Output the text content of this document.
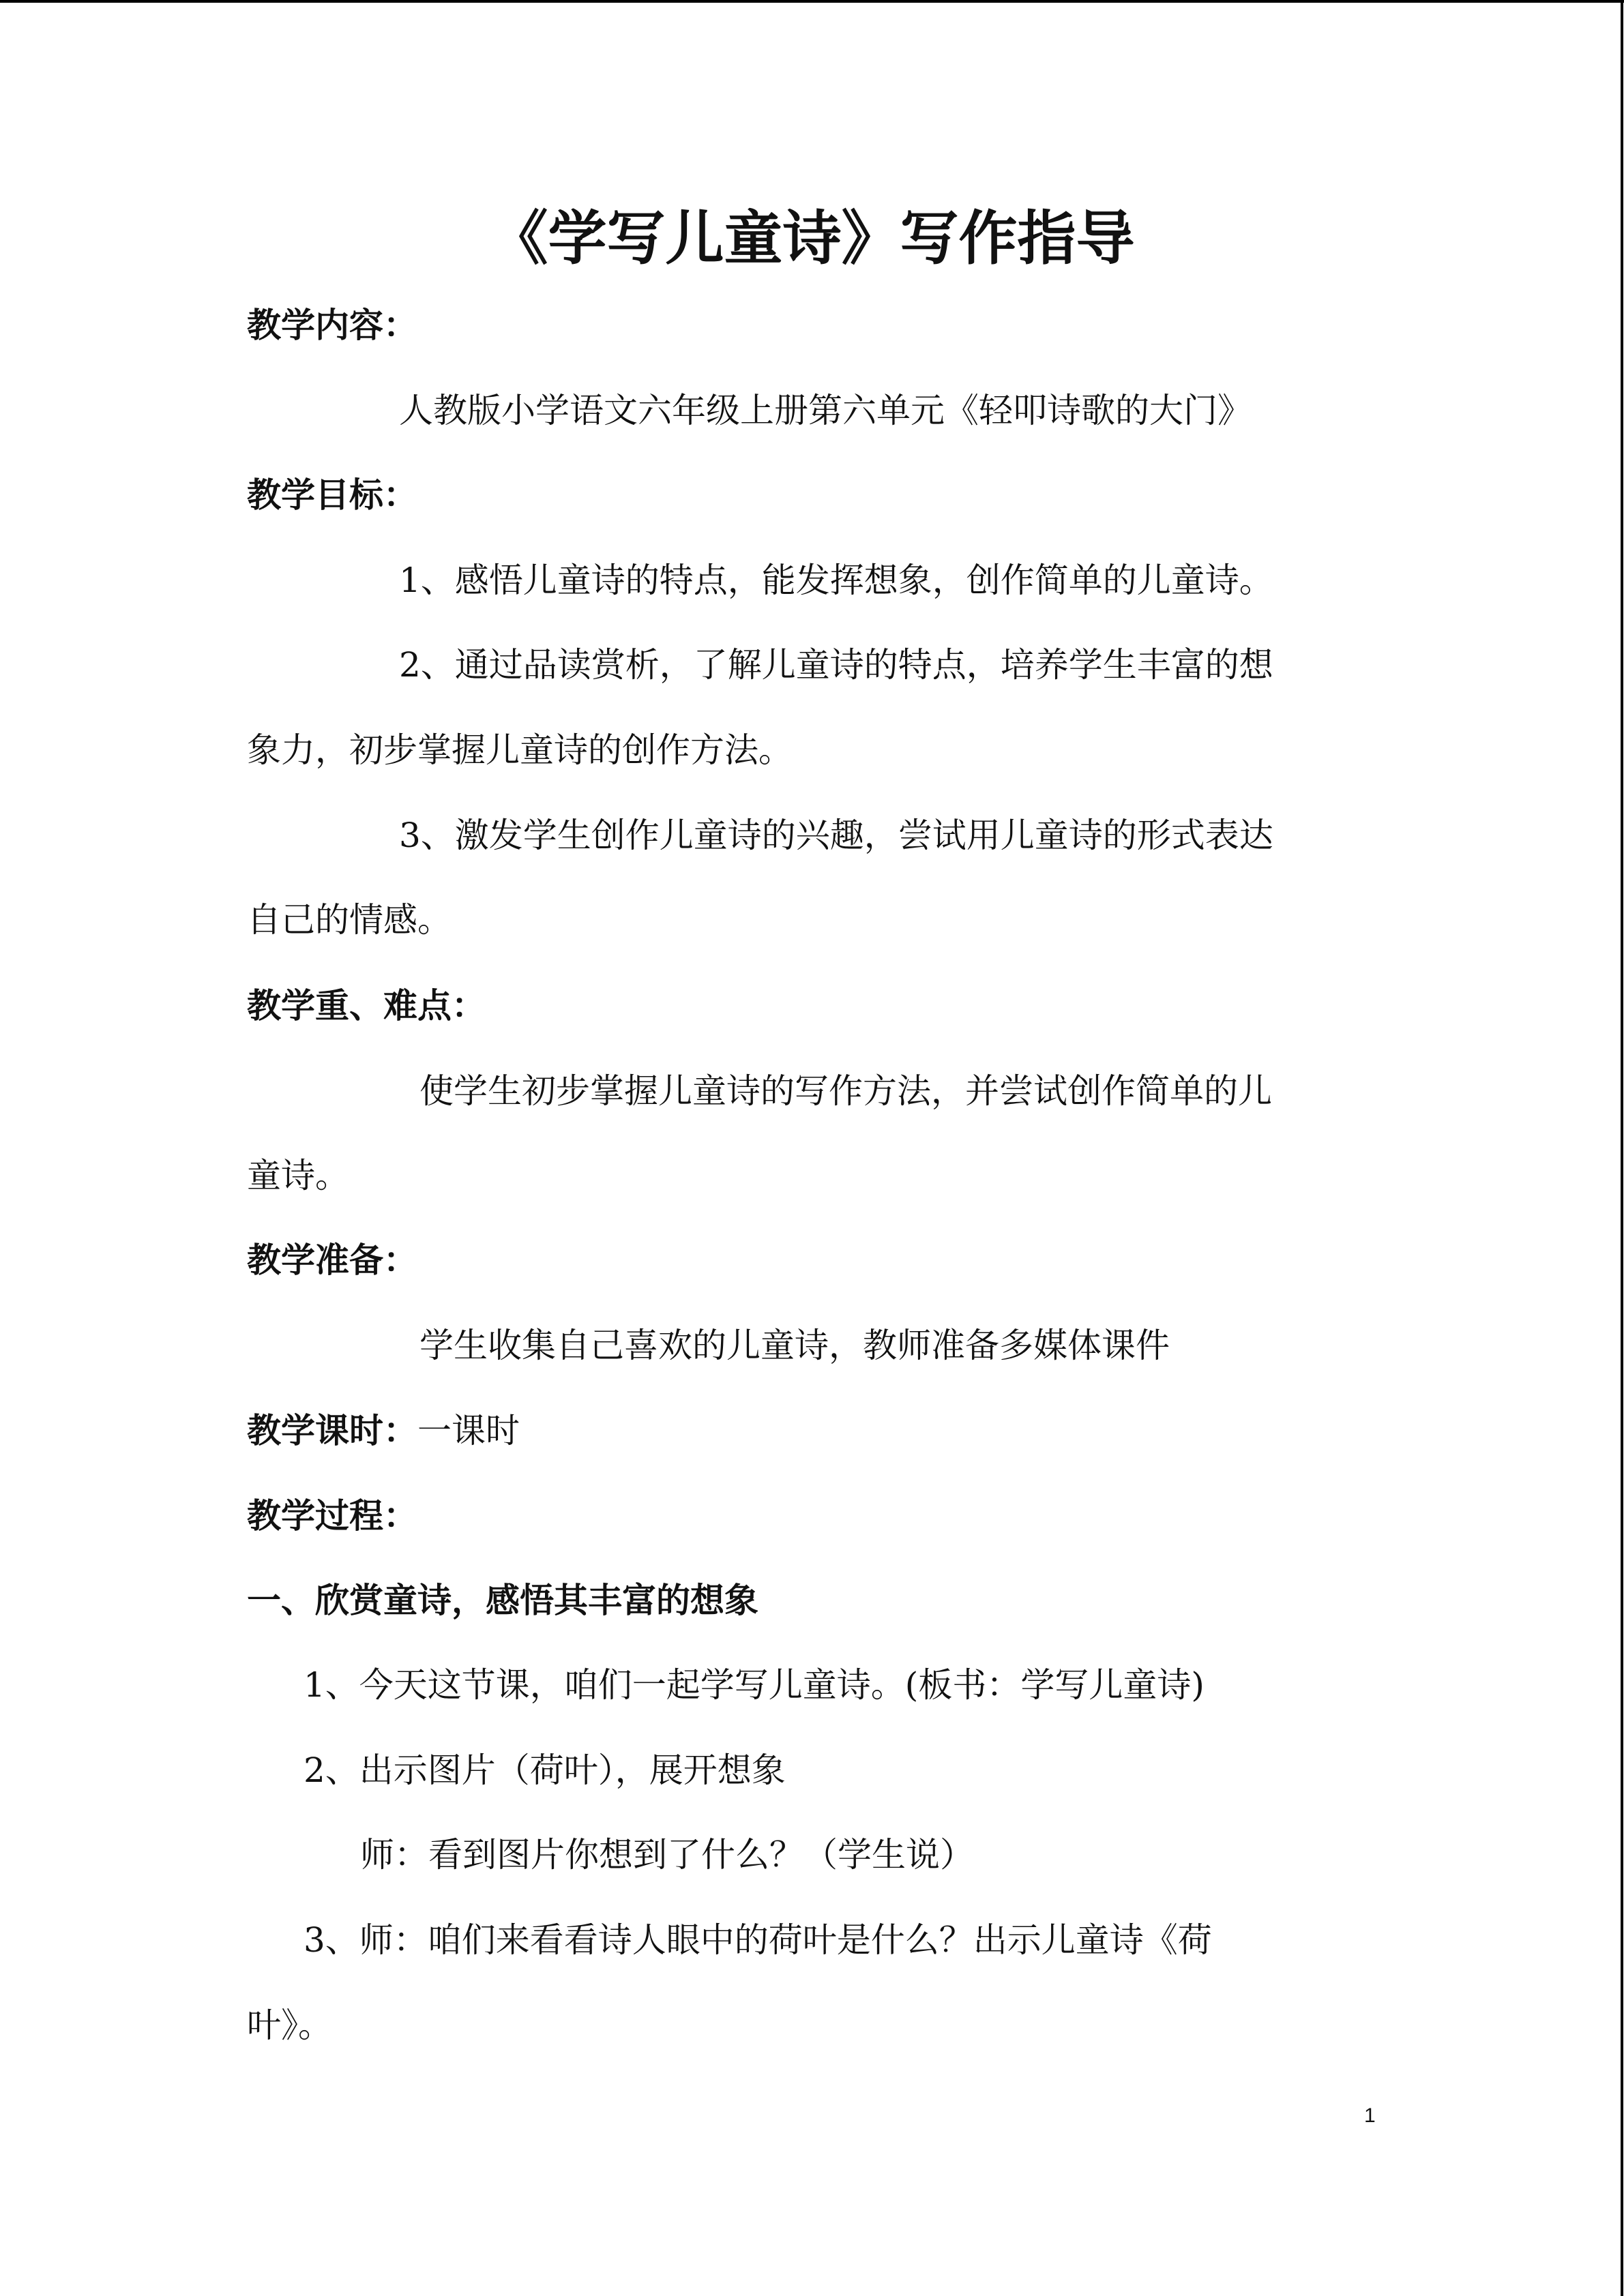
《学写儿童诗》写作指导
教学内容：
人教版小学语文六年级上册第六单元《轻叩诗歌的大门》
教学目标：
1、感悟儿童诗的特点，能发挥想象，创作简单的儿童诗。
2、通过品读赏析，了解儿童诗的特点，培养学生丰富的想
象力，初步掌握儿童诗的创作方法。
3、激发学生创作儿童诗的兴趣，尝试用儿童诗的形式表达
自己的情感。
教学重、难点：
使学生初步掌握儿童诗的写作方法，并尝试创作简单的儿
童诗。
教学准备：
学生收集自己喜欢的儿童诗，教师准备多媒体课件
教学课时：一课时
教学过程：
一、欣赏童诗，感悟其丰富的想象
1、今天这节课，咱们一起学写儿童诗。(板书：学写儿童诗)
2、出示图片（荷叶），展开想象
师：看到图片你想到了什么？（学生说）
3、师：咱们来看看诗人眼中的荷叶是什么？出示儿童诗《荷
叶》。
1
